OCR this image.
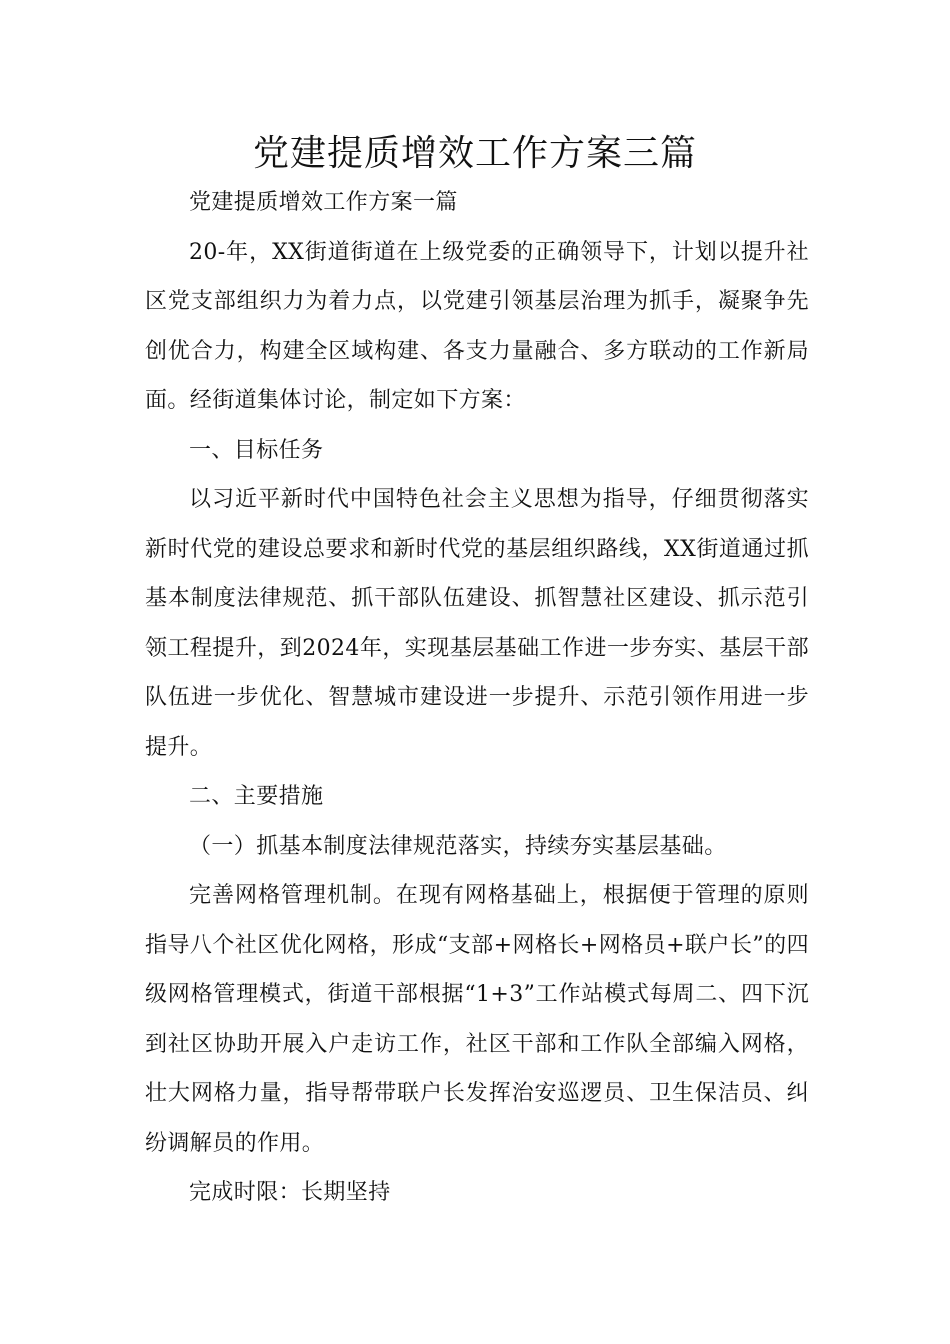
党建提质增效工作方案三篇

党建提质增效工作方案一篇

20-年，XX街道街道在上级党委的正确领导下，计划以提升社区党支部组织力为着力点，以党建引领基层治理为抓手，凝聚争先创优合力，构建全区域构建、各支力量融合、多方联动的工作新局面。经街道集体讨论，制定如下方案：

一、目标任务

以习近平新时代中国特色社会主义思想为指导，仔细贯彻落实新时代党的建设总要求和新时代党的基层组织路线，XX街道通过抓基本制度法律规范、抓干部队伍建设、抓智慧社区建设、抓示范引领工程提升，到2024年，实现基层基础工作进一步夯实、基层干部队伍进一步优化、智慧城市建设进一步提升、示范引领作用进一步提升。

二、主要措施

（一）抓基本制度法律规范落实，持续夯实基层基础。

完善网格管理机制。在现有网格基础上，根据便于管理的原则指导八个社区优化网格，形成“支部+网格长+网格员+联户长”的四级网格管理模式，街道干部根据“1+3”工作站模式每周二、四下沉到社区协助开展入户走访工作，社区干部和工作队全部编入网格，壮大网格力量，指导帮带联户长发挥治安巡逻员、卫生保洁员、纠纷调解员的作用。

完成时限：长期坚持
